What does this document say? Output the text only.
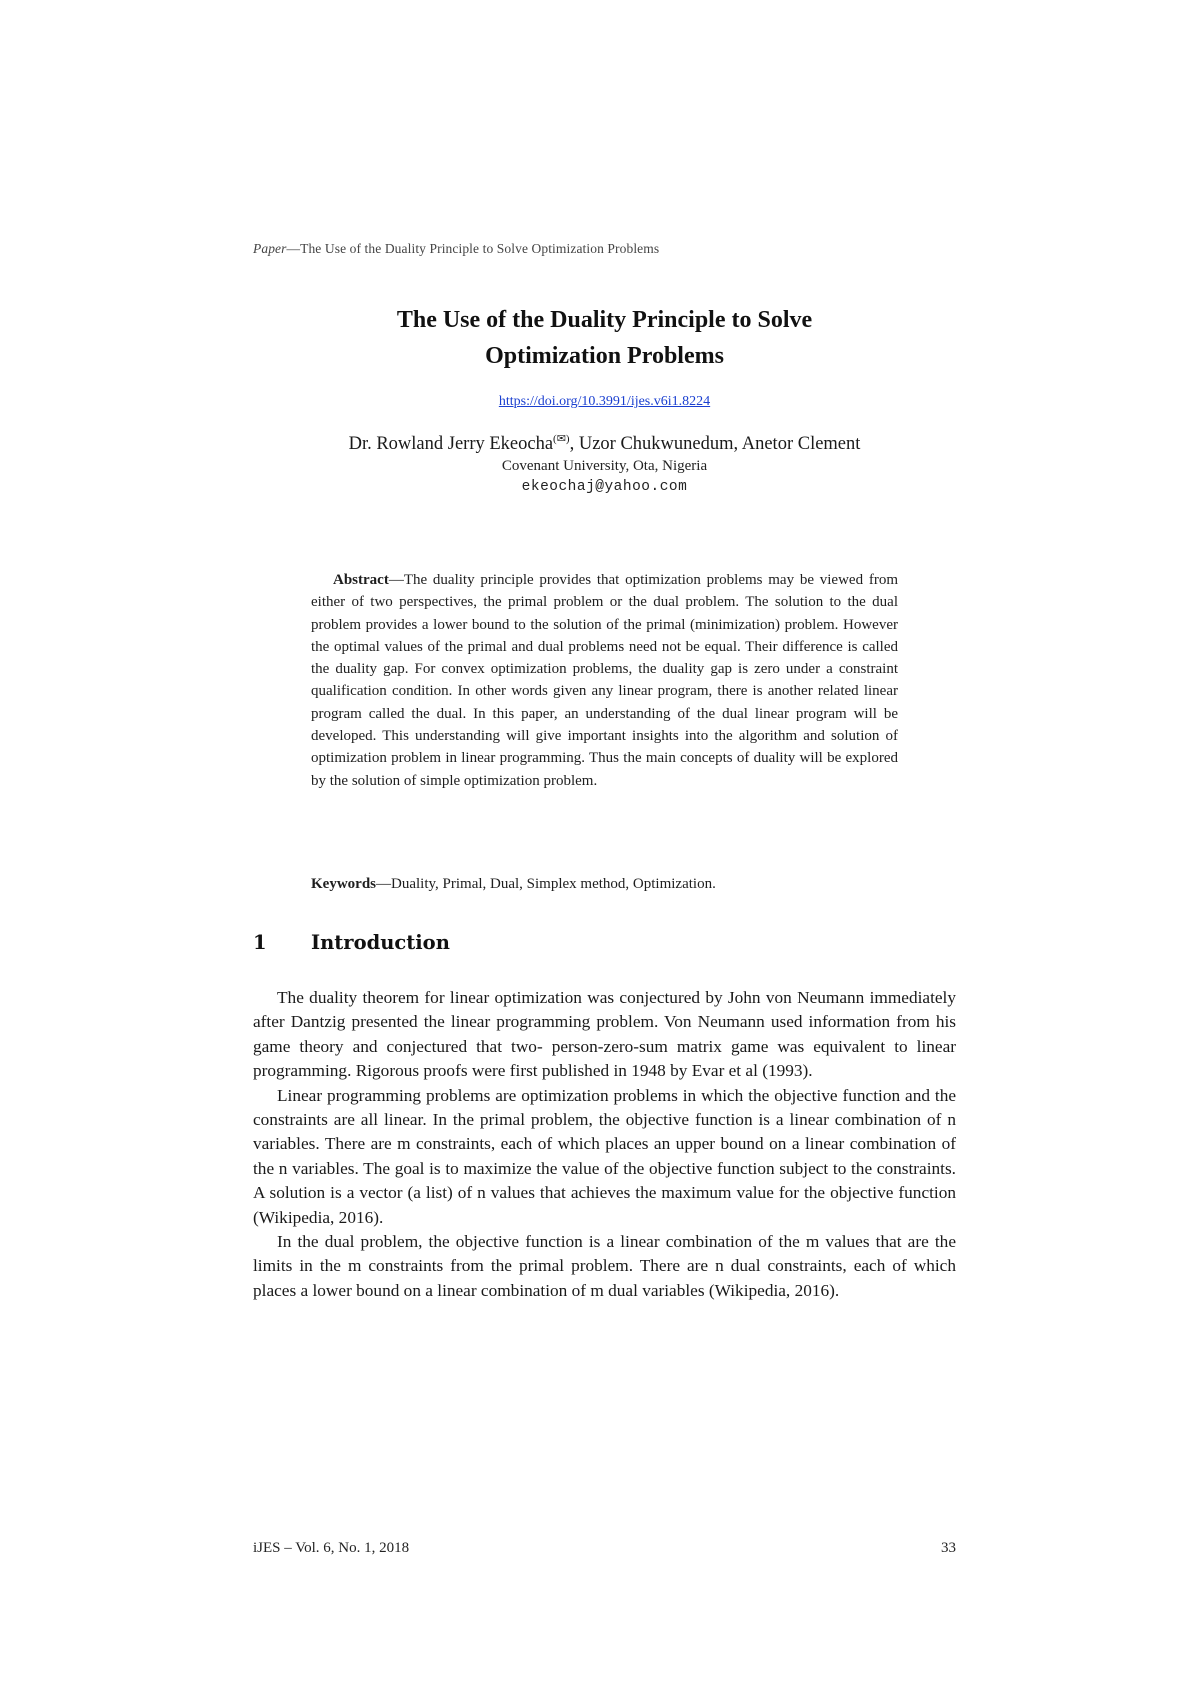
Paper—The Use of the Duality Principle to Solve Optimization Problems
The Use of the Duality Principle to Solve
Optimization Problems
https://doi.org/10.3991/ijes.v6i1.8224
Dr. Rowland Jerry Ekeocha(✉), Uzor Chukwunedum, Anetor Clement
Covenant University, Ota, Nigeria
ekeochaj@yahoo.com
Abstract—The duality principle provides that optimization problems may be viewed from either of two perspectives, the primal problem or the dual problem. The solution to the dual problem provides a lower bound to the solution of the primal (minimization) problem. However the optimal values of the primal and dual problems need not be equal. Their difference is called the duality gap. For convex optimization problems, the duality gap is zero under a constraint qualification condition. In other words given any linear program, there is another related linear program called the dual. In this paper, an understanding of the dual linear program will be developed. This understanding will give important insights into the algorithm and solution of optimization problem in linear programming. Thus the main concepts of duality will be explored by the solution of simple optimization problem.
Keywords—Duality, Primal, Dual, Simplex method, Optimization.
1 Introduction

The duality theorem for linear optimization was conjectured by John von Neumann immediately after Dantzig presented the linear programming problem. Von Neumann used information from his game theory and conjectured that two- person-zero-sum matrix game was equivalent to linear programming. Rigorous proofs were first published in 1948 by Evar et al (1993).

Linear programming problems are optimization problems in which the objective function and the constraints are all linear. In the primal problem, the objective function is a linear combination of n variables. There are m constraints, each of which places an upper bound on a linear combination of the n variables. The goal is to maximize the value of the objective function subject to the constraints. A solution is a vector (a list) of n values that achieves the maximum value for the objective function (Wikipedia, 2016).

In the dual problem, the objective function is a linear combination of the m values that are the limits in the m constraints from the primal problem. There are n dual constraints, each of which places a lower bound on a linear combination of m dual variables (Wikipedia, 2016).

iJES ‒ Vol. 6, No. 1, 2018	33
